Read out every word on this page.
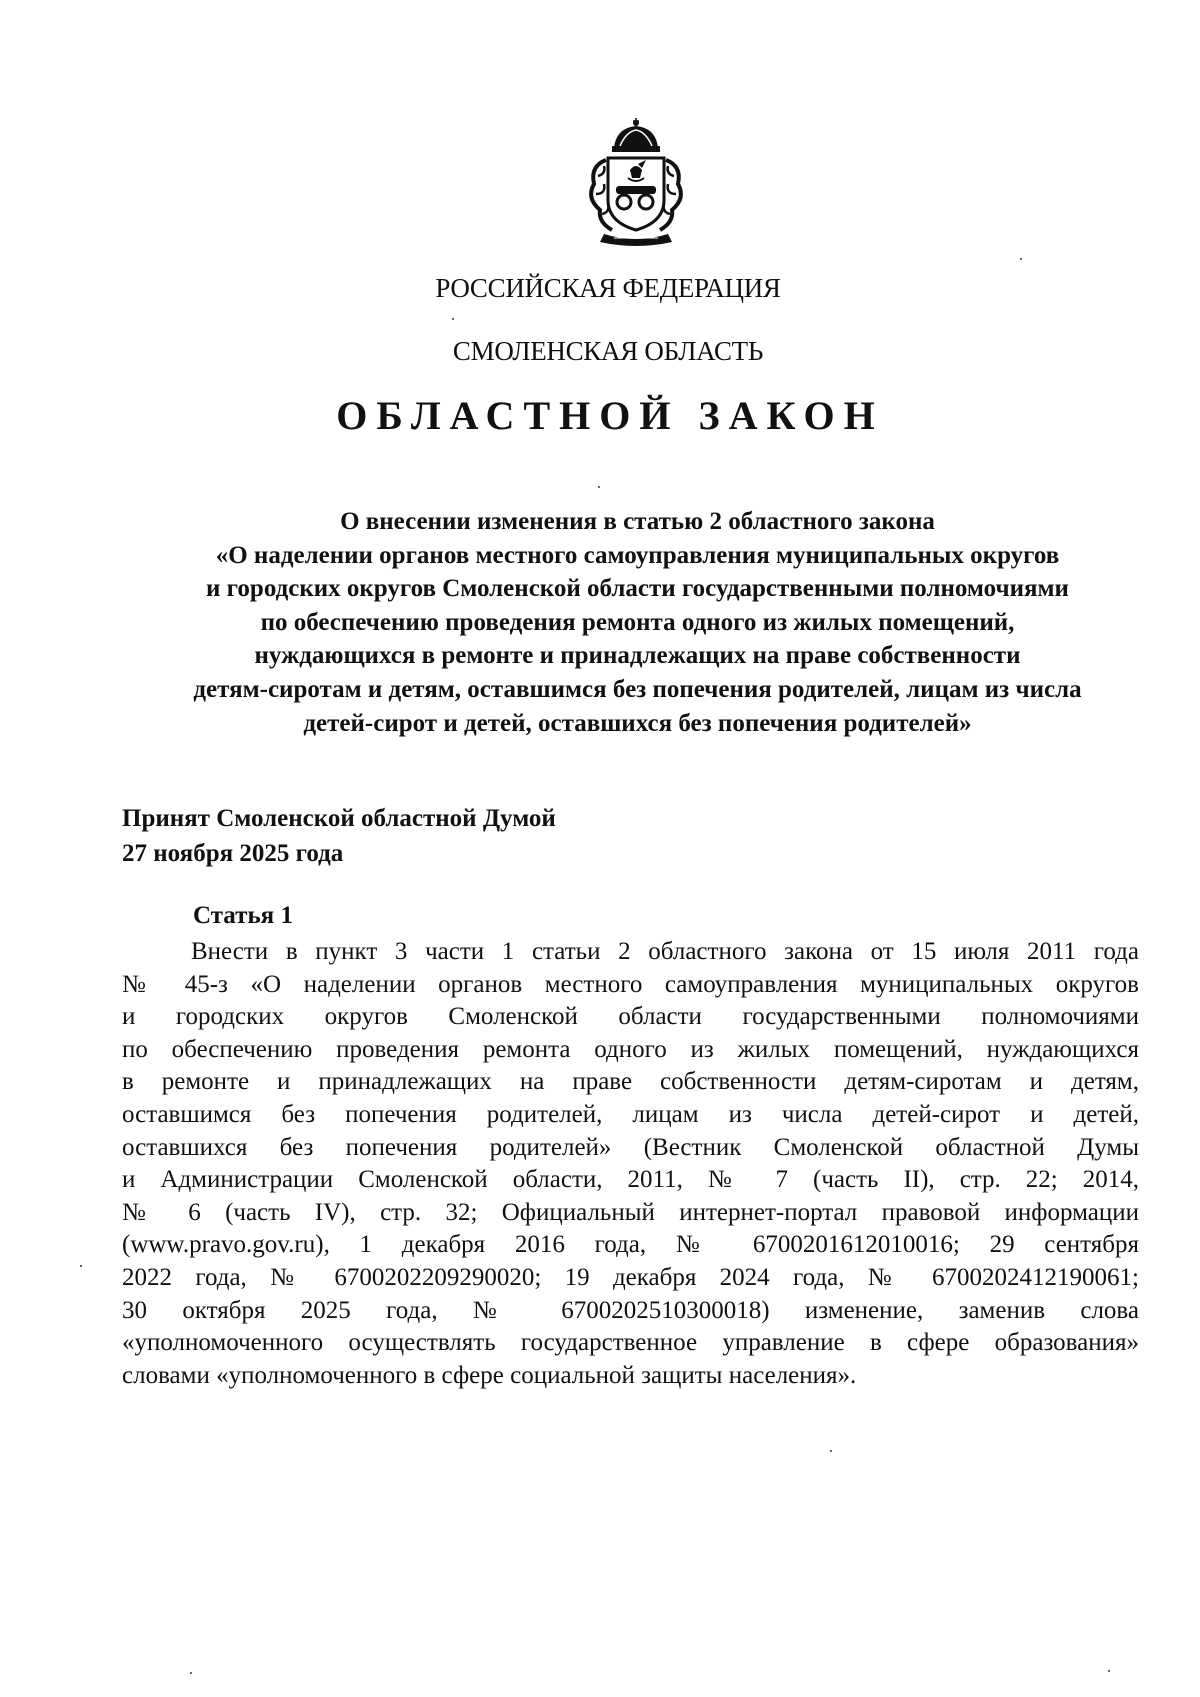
РОССИЙСКАЯ ФЕДЕРАЦИЯ
СМОЛЕНСКАЯ ОБЛАСТЬ
ОБЛАСТНОЙ ЗАКОН
О внесении изменения в статью 2 областного закона
«О наделении органов местного самоуправления муниципальных округов
и городских округов Смоленской области государственными полномочиями
по обеспечению проведения ремонта одного из жилых помещений,
нуждающихся в ремонте и принадлежащих на праве собственности
детям-сиротам и детям, оставшимся без попечения родителей, лицам из числа
детей-сирот и детей, оставшихся без попечения родителей»
Принят Смоленской областной Думой
27 ноября 2025 года
Статья 1
Внести в пункт 3 части 1 статьи 2 областного закона от 15 июля 2011 года
№ 45-з «О наделении органов местного самоуправления муниципальных округов
и городских округов Смоленской области государственными полномочиями
по обеспечению проведения ремонта одного из жилых помещений, нуждающихся
в ремонте и принадлежащих на праве собственности детям-сиротам и детям,
оставшимся без попечения родителей, лицам из числа детей-сирот и детей,
оставшихся без попечения родителей» (Вестник Смоленской областной Думы
и Администрации Смоленской области, 2011, № 7 (часть II), стр. 22; 2014,
№ 6 (часть IV), стр. 32; Официальный интернет-портал правовой информации
(www.pravo.gov.ru), 1 декабря 2016 года, № 6700201612010016; 29 сентября
2022 года, № 6700202209290020; 19 декабря 2024 года, № 6700202412190061;
30 октября 2025 года, № 6700202510300018) изменение, заменив слова
«уполномоченного осуществлять государственное управление в сфере образования»
словами «уполномоченного в сфере социальной защиты населения».
